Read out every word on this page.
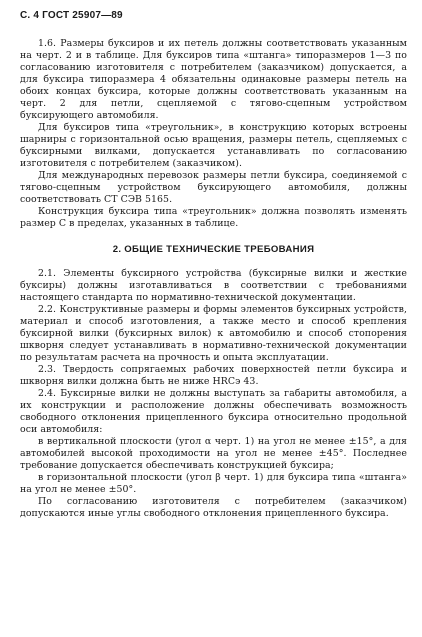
С. 4 ГОСТ 25907—89

1.6. Размеры буксиров и их петель должны соответствовать указанным на черт. 2 и в таблице. Для буксиров типа «штанга» типоразмеров 1—3 по согласованию изготовителя с потребителем (заказчиком) допускается, а для буксира типоразмера 4 обязательны одинаковые размеры петель на обоих концах буксира, которые должны соответствовать указанным на черт. 2 для петли, сцепляемой с тягово-сцепным устройством буксирующего автомобиля.

Для буксиров типа «треугольник», в конструкцию которых встроены шарниры с горизонтальной осью вращения, размеры петель, сцепляемых с буксирными вилками, допускается устанавливать по согласованию изготовителя с потребителем (заказчиком).

Для международных перевозок размеры петли буксира, соединяемой с тягово-сцепным устройством буксирующего автомобиля, должны соответствовать СТ СЭВ 5165.

Конструкция буксира типа «треугольник» должна позволять изменять размер С в пределах, указанных в таблице.

2. ОБЩИЕ ТЕХНИЧЕСКИЕ ТРЕБОВАНИЯ

2.1. Элементы буксирного устройства (буксирные вилки и жесткие буксиры) должны изготавливаться в соответствии с требованиями настоящего стандарта по нормативно-технической документации.

2.2. Конструктивные размеры и формы элементов буксирных устройств, материал и способ изготовления, а также место и способ крепления буксирной вилки (буксирных вилок) к автомобилю и способ стопорения шкворня следует устанавливать в нормативно-технической документации по результатам расчета на прочность и опыта эксплуатации.

2.3. Твердость сопрягаемых рабочих поверхностей петли буксира и шкворня вилки должна быть не ниже HRCэ 43.

2.4. Буксирные вилки не должны выступать за габариты автомобиля, а их конструкции и расположение должны обеспечивать возможность свободного отклонения прицепленного буксира относительно продольной оси автомобиля:

в вертикальной плоскости (угол α черт. 1) на угол не менее ±15°, а для автомобилей высокой проходимости на угол не менее ±45°. Последнее требование допускается обеспечивать конструкцией буксира;

в горизонтальной плоскости (угол β черт. 1) для буксира типа «штанга» на угол не менее ±50°.

По согласованию изготовителя с потребителем (заказчиком) допускаются иные углы свободного отклонения прицепленного буксира.
